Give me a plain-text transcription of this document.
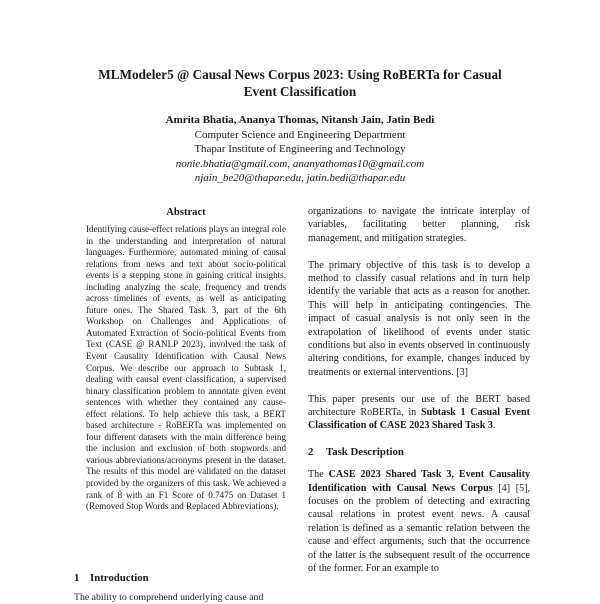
MLModeler5 @ Causal News Corpus 2023: Using RoBERTa for Casual
Event Classification
Amrita Bhatia, Ananya Thomas, Nitansh Jain, Jatin Bedi
Computer Science and Engineering Department
Thapar Institute of Engineering and Technology
nonie.bhatia@gmail.com, ananyathomas10@gmail.com
njain_be20@thapar.edu, jatin.bedi@thapar.edu
Abstract

Identifying cause-effect relations plays an integral role in the understanding and interpretation of natural languages. Furthermore, automated mining of causal relations from news and text about socio-political events is a stepping stone in gaining critical insights, including analyzing the scale, frequency and trends across timelines of events, as well as anticipating future ones. The Shared Task 3, part of the 6th Workshop on Challenges and Applications of Automated Extraction of Socio-political Events from Text (CASE @ RANLP 2023), involved the task of Event Causality Identification with Causal News Corpus. We describe our approach to Subtask 1, dealing with causal event classification, a supervised binary classification problem to annotate given event sentences with whether they contained any cause-effect relations. To help achieve this task, a BERT based architecture - RoBERTa was implemented on four different datasets with the main difference being the inclusion and exclusion of both stopwords and various abbreviations/acronyms present in the dataset. The results of this model are validated on the dataset provided by the organizers of this task. We achieved a rank of 8 with an F1 Score of 0.7475 on Dataset 1 (Removed Stop Words and Replaced Abbreviations).

1 Introduction
The ability to comprehend underlying cause and

organizations to navigate the intricate interplay of variables, facilitating better planning, risk management, and mitigation strategies.

The primary objective of this task is to develop a method to classify casual relations and in turn help identify the variable that acts as a reason for another. This will help in anticipating contingencies. The impact of casual analysis is not only seen in the extrapolation of likelihood of events under static conditions but also in events observed in continuously altering conditions, for example, changes induced by treatments or external interventions. [3]

This paper presents our use of the BERT based architecture RoBERTa, in Subtask 1 Casual Event Classification of CASE 2023 Shared Task 3.

2 Task Description

The CASE 2023 Shared Task 3, Event Causality Identification with Causal News Corpus [4] [5], focuses on the problem of detecting and extracting causal relations in protest event news. A causal relation is defined as a semantic relation between the cause and effect arguments, such that the occurrence of the latter is the subsequent result of the occurrence of the former. For an example to
